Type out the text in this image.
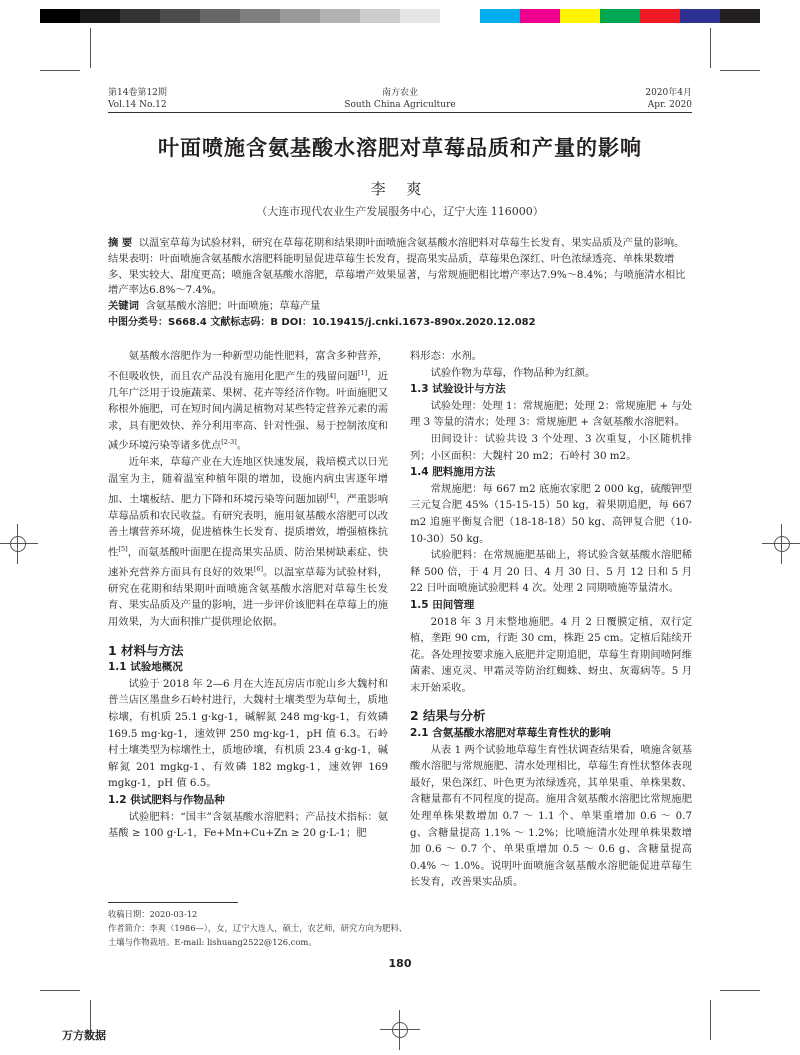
第14卷第12期
Vol.14 No.12
南方农业
South China Agriculture
2020年4月
Apr. 2020
叶面喷施含氨基酸水溶肥对草莓品质和产量的影响
李 爽
（大连市现代农业生产发展服务中心，辽宁大连 116000）
摘 要 以温室草莓为试验材料，研究在草莓花期和结果期叶面喷施含氨基酸水溶肥料对草莓生长发育、果实品质及产量的影响。结果表明：叶面喷施含氨基酸水溶肥料能明显促进草莓生长发育，提高果实品质，草莓果色深红、叶色浓绿透亮、单株果数增多、果实较大、甜度更高；喷施含氨基酸水溶肥，草莓增产效果显著，与常规施肥相比增产率达7.9%～8.4%；与喷施清水相比增产率达6.8%～7.4%。
关键词 含氨基酸水溶肥；叶面喷施；草莓产量
中图分类号：S668.4 文献标志码：B DOI：10.19415/j.cnki.1673-890x.2020.12.082

氨基酸水溶肥作为一种新型功能性肥料，富含多种营养，不但吸收快，而且农产品没有施用化肥产生的残留问题[1]，近几年广泛用于设施蔬菜、果树、花卉等经济作物。叶面施肥又称根外施肥，可在短时间内满足植物对某些特定营养元素的需求，具有肥效快、养分利用率高、针对性强、易于控制浓度和减少环境污染等诸多优点[2-3]。

近年来，草莓产业在大连地区快速发展，栽培模式以日光温室为主，随着温室种植年限的增加，设施内病虫害逐年增加、土壤板结、肥力下降和环境污染等问题加剧[4]，严重影响草莓品质和农民收益。有研究表明，施用氨基酸水溶肥可以改善土壤营养环境，促进植株生长发育、提质增效，增强植株抗性[5]，而氨基酸叶面肥在提高果实品质、防治果树缺素症、快速补充营养方面具有良好的效果[6]。以温室草莓为试验材料，研究在花期和结果期叶面喷施含氨基酸水溶肥对草莓生长发育、果实品质及产量的影响，进一步评价该肥料在草莓上的施用效果，为大面积推广提供理论依据。

1 材料与方法

1.1 试验地概况

试验于 2018 年 2—6 月在大连瓦房店市驼山乡大魏村和普兰店区墨盘乡石岭村进行，大魏村土壤类型为草甸土，质地棕壤，有机质 25.1 g·kg-1，碱解氮 248 mg·kg-1，有效磷 169.5 mg·kg-1，速效钾 250 mg·kg-1，pH 值 6.3。石岭村土壤类型为棕壤性土，质地砂壤，有机质 23.4 g·kg-1，碱解氮 201 mgkg-1、有效磷 182 mgkg-1，速效钾 169 mgkg-1，pH 值 6.5。

1.2 供试肥料与作物品种

试验肥料：“国丰”含氨基酸水溶肥料；产品技术指标：氨基酸 ≥ 100 g·L-1，Fe+Mn+Cu+Zn ≥ 20 g·L-1；肥

料形态：水剂。

试验作物为草莓，作物品种为红颜。

1.3 试验设计与方法

试验处理：处理 1：常规施肥；处理 2：常规施肥 + 与处理 3 等量的清水；处理 3：常规施肥 + 含氨基酸水溶肥料。

田间设计：试验共设 3 个处理、3 次重复，小区随机排列；小区面积：大魏村 20 m2；石岭村 30 m2。

1.4 肥料施用方法

常规施肥：每 667 m2 底施农家肥 2 000 kg，硫酸钾型三元复合肥 45%（15-15-15）50 kg，着果期追肥，每 667 m2 追施平衡复合肥（18-18-18）50 kg、高钾复合肥（10-10-30）50 kg。

试验肥料：在常规施肥基础上，将试验含氨基酸水溶肥稀释 500 倍，于 4 月 20 日、4 月 30 日、5 月 12 日和 5 月 22 日叶面喷施试验肥料 4 次。处理 2 同期喷施等量清水。

1.5 田间管理

2018 年 3 月末整地施肥。4 月 2 日覆膜定植，双行定植，垄距 90 cm，行距 30 cm，株距 25 cm。定植后陆续开花。各处理按要求施入底肥并定期追肥，草莓生育期间喷阿维菌素、速克灵、甲霜灵等防治红蜘蛛、蚜虫、灰霉病等。5 月末开始采收。

2 结果与分析

2.1 含氨基酸水溶肥对草莓生育性状的影响

从表 1 两个试验地草莓生育性状调查结果看，喷施含氨基酸水溶肥与常规施肥、清水处理相比，草莓生育性状整体表现最好，果色深红、叶色更为浓绿透亮，其单果重、单株果数、含糖量都有不同程度的提高。施用含氨基酸水溶肥比常规施肥处理单株果数增加 0.7 ～ 1.1 个、单果重增加 0.6 ～ 0.7 g、含糖量提高 1.1% ～ 1.2%；比喷施清水处理单株果数增加 0.6 ～ 0.7 个、单果重增加 0.5 ～ 0.6 g、含糖量提高 0.4% ～ 1.0%。说明叶面喷施含氨基酸水溶肥能促进草莓生长发育，改善果实品质。

收稿日期：2020-03-12
作者简介：李爽（1986—），女，辽宁大连人，硕士，农艺师，研究方向为肥料、土壤与作物栽培。E-mail: lishuang2522@126.com。
180
万方数据
